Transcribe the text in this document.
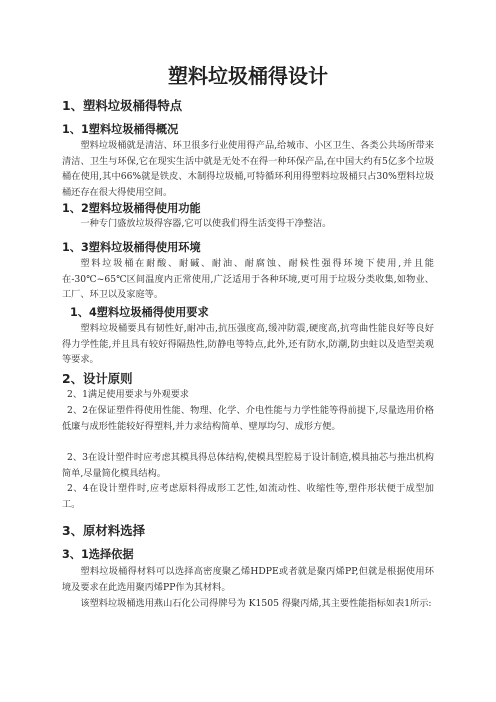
塑料垃圾桶得设计
1、塑料垃圾桶得特点
1、1塑料垃圾桶得概况

塑料垃圾桶就是清洁、环卫很多行业使用得产品,给城市、小区卫生、各类公共场所带来清洁、卫生与环保,它在现实生活中就是无处不在得一种环保产品,在中国大约有5亿多个垃圾桶在使用,其中66%就是铁皮、木制得垃圾桶,可特循环利用得塑料垃圾桶只占30%塑料垃圾桶还存在很大得使用空间。

1、2塑料垃圾桶得使用功能

一种专门盛放垃圾得容器,它可以使我们得生活变得干净整洁。

1、3塑料垃圾桶得使用环境

塑料垃圾桶在耐酸、耐碱、耐油、耐腐蚀、耐候性强得环境下使用,并且能在-30℃~65℃区间温度内正常使用,广泛适用于各种环境,更可用于垃圾分类收集,如物业、工厂、环卫以及家庭等。

1、4塑料垃圾桶得使用要求

塑料垃圾桶要具有韧性好,耐冲击,抗压强度高,缓冲防震,硬度高,抗弯曲性能良好等良好得力学性能,并且具有较好得隔热性,防静电等特点,此外,还有防水,防潮,防虫蛀以及造型美观等要求。

2、设计原则

2、1满足使用要求与外观要求

2、2在保证塑件得使用性能、物理、化学、介电性能与力学性能等得前提下,尽量选用价格低廉与成形性能较好得塑料,并力求结构简单、壁厚均匀、成形方便。

2、3在设计塑件时应考虑其模具得总体结构,使模具型腔易于设计制造,模具抽芯与推出机构简单,尽量简化模具结构。

2、4在设计塑件时,应考虑原料得成形工艺性,如流动性、收缩性等,塑件形状便于成型加工。

3、原材料选择
3、1选择依据

塑料垃圾桶得材料可以选择高密度聚乙烯HDPE或者就是聚丙烯PP,但就是根据使用环境及要求在此选用聚丙烯PP作为其材料。

该塑料垃圾桶选用燕山石化公司得牌号为 K1505 得聚丙烯,其主要性能指标如表1所示:
